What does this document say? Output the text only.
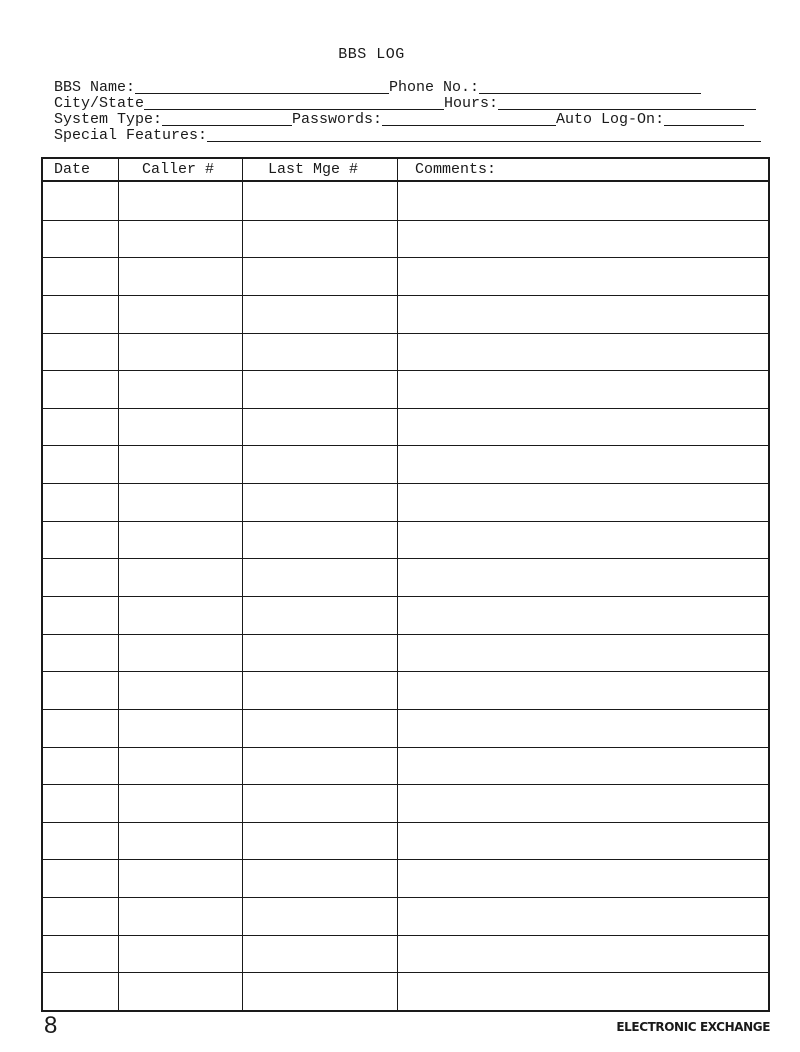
BBS LOG
BBS Name:	Phone No.:
City/State	Hours:
System Type:	Passwords:	Auto Log-On:
Special Features:
Date	Caller #	Last Mge #	Comments:
8	ELECTRONIC EXCHANGE
